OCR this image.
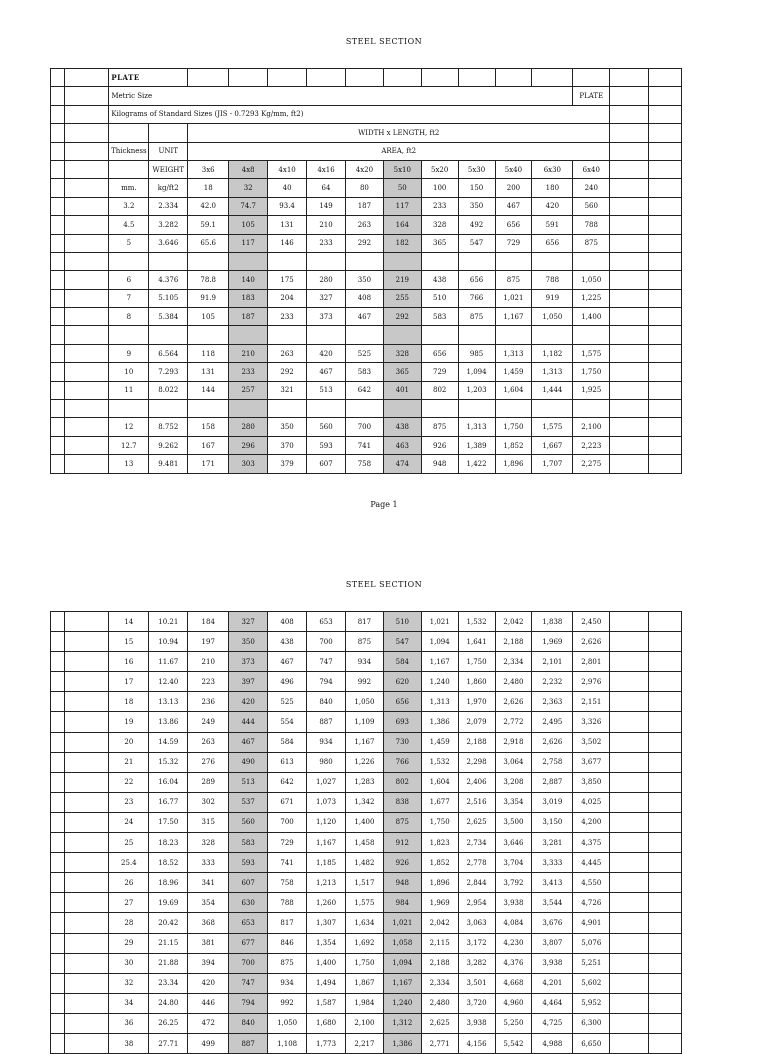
STEEL SECTION
		PLATE														
		Metric Size												PLATE		
		Kilograms of Standard Sizes (JIS - 0.7293 Kg/mm, ft2)														
				WIDTH x LENGTH, ft2												
		Thickness	UNIT	AREA, ft2												
			WEIGHT	3x6	4x8	4x10	4x16	4x20	5x10	5x20	5x30	5x40	6x30	6x40		
		mm.	kg/ft2	18	32	40	64	80	50	100	150	200	180	240		
		3.2	2.334	42.0	74.7	93.4	149	187	117	233	350	467	420	560		
		4.5	3.282	59.1	105	131	210	263	164	328	492	656	591	788		
		5	3.646	65.6	117	146	233	292	182	365	547	729	656	875		

		6	4.376	78.8	140	175	280	350	219	438	656	875	788	1,050		
		7	5.105	91.9	183	204	327	408	255	510	766	1,021	919	1,225		
		8	5.384	105	187	233	373	467	292	583	875	1,167	1,050	1,400		

		9	6.564	118	210	263	420	525	328	656	985	1,313	1,182	1,575		
		10	7.293	131	233	292	467	583	365	729	1,094	1,459	1,313	1,750		
		11	8.022	144	257	321	513	642	401	802	1,203	1,604	1,444	1,925		

		12	8.752	158	280	350	560	700	438	875	1,313	1,750	1,575	2,100		
		12.7	9.262	167	296	370	593	741	463	926	1,389	1,852	1,667	2,223		
		13	9.481	171	303	379	607	758	474	948	1,422	1,896	1,707	2,275		
Page 1
STEEL SECTION
		14	10.21	184	327	408	653	817	510	1,021	1,532	2,042	1,838	2,450		
		15	10.94	197	350	438	700	875	547	1,094	1,641	2,188	1,969	2,626		
		16	11.67	210	373	467	747	934	584	1,167	1,750	2,334	2,101	2,801		
		17	12.40	223	397	496	794	992	620	1,240	1,860	2,480	2,232	2,976		
		18	13.13	236	420	525	840	1,050	656	1,313	1,970	2,626	2,363	2,151		
		19	13.86	249	444	554	887	1,109	693	1,386	2,079	2,772	2,495	3,326		
		20	14.59	263	467	584	934	1,167	730	1,459	2,188	2,918	2,626	3,502		
		21	15.32	276	490	613	980	1,226	766	1,532	2,298	3,064	2,758	3,677		
		22	16.04	289	513	642	1,027	1,283	802	1,604	2,406	3,208	2,887	3,850		
		23	16.77	302	537	671	1,073	1,342	838	1,677	2,516	3,354	3,019	4,025		
		24	17.50	315	560	700	1,120	1,400	875	1,750	2,625	3,500	3,150	4,200		
		25	18.23	328	583	729	1,167	1,458	912	1,823	2,734	3,646	3,281	4,375		
		25.4	18.52	333	593	741	1,185	1,482	926	1,852	2,778	3,704	3,333	4,445		
		26	18.96	341	607	758	1,213	1,517	948	1,896	2,844	3,792	3,413	4,550		
		27	19.69	354	630	788	1,260	1,575	984	1,969	2,954	3,938	3,544	4,726		
		28	20.42	368	653	817	1,307	1,634	1,021	2,042	3,063	4,084	3,676	4,901		
		29	21.15	381	677	846	1,354	1,692	1,058	2,115	3,172	4,230	3,807	5,076		
		30	21.88	394	700	875	1,400	1,750	1,094	2,188	3,282	4,376	3,938	5,251		
		32	23.34	420	747	934	1,494	1,867	1,167	2,334	3,501	4,668	4,201	5,602		
		34	24.80	446	794	992	1,587	1,984	1,240	2,480	3,720	4,960	4,464	5,952		
		36	26.25	472	840	1,050	1,680	2,100	1,312	2,625	3,938	5,250	4,725	6,300		
		38	27.71	499	887	1,108	1,773	2,217	1,386	2,771	4,156	5,542	4,988	6,650		
